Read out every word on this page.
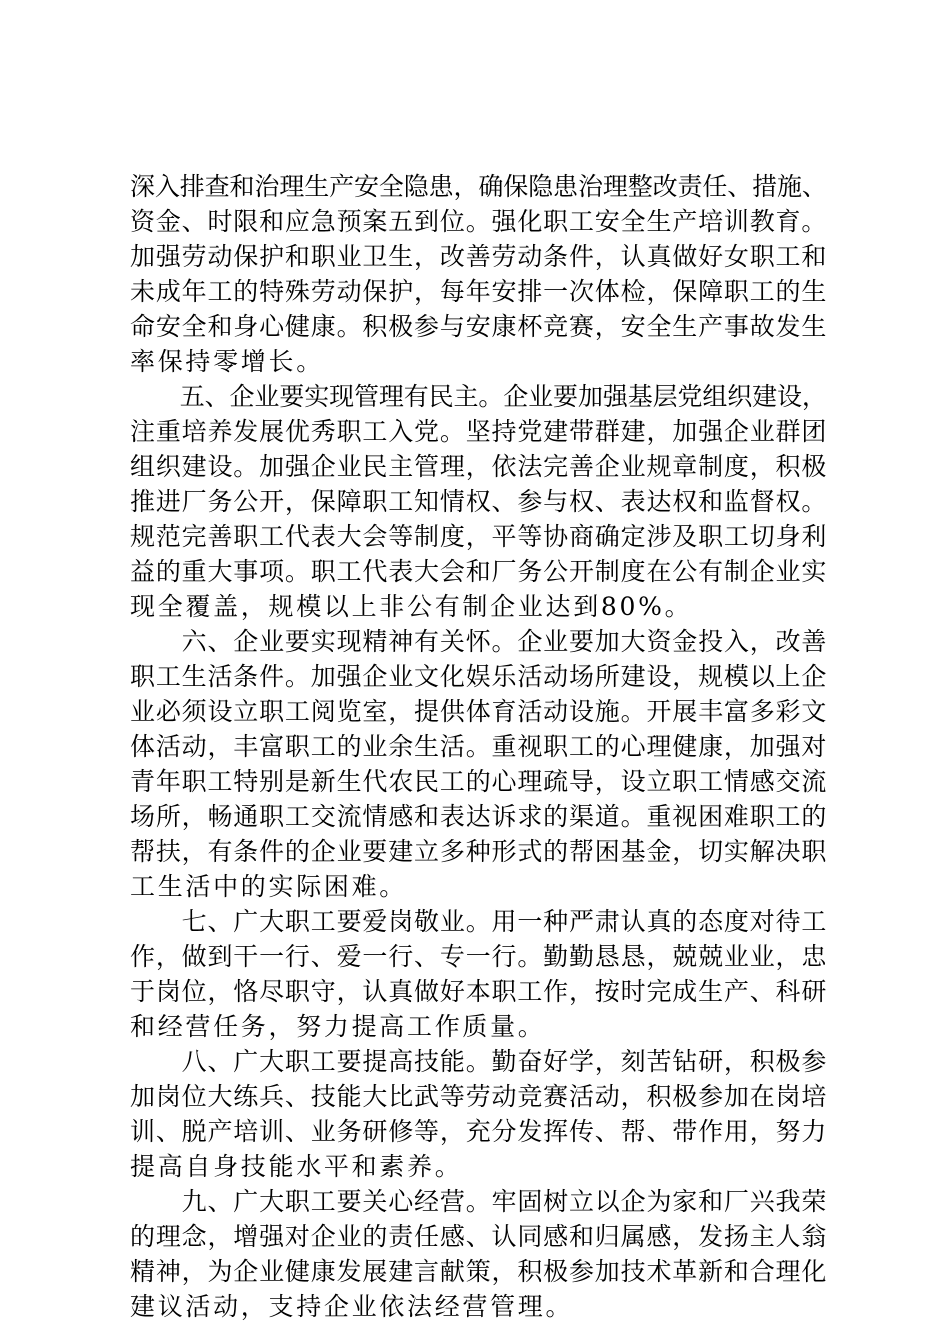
深入排查和治理生产安全隐患，确保隐患治理整改责任、措施、
资金、时限和应急预案五到位。强化职工安全生产培训教育。
加强劳动保护和职业卫生，改善劳动条件，认真做好女职工和
未成年工的特殊劳动保护，每年安排一次体检，保障职工的生
命安全和身心健康。积极参与安康杯竞赛，安全生产事故发生
率保持零增长。
　　五、企业要实现管理有民主。企业要加强基层党组织建设，
注重培养发展优秀职工入党。坚持党建带群建，加强企业群团
组织建设。加强企业民主管理，依法完善企业规章制度，积极
推进厂务公开，保障职工知情权、参与权、表达权和监督权。
规范完善职工代表大会等制度，平等协商确定涉及职工切身利
益的重大事项。职工代表大会和厂务公开制度在公有制企业实
现全覆盖，规模以上非公有制企业达到80%。
　　六、企业要实现精神有关怀。企业要加大资金投入，改善
职工生活条件。加强企业文化娱乐活动场所建设，规模以上企
业必须设立职工阅览室，提供体育活动设施。开展丰富多彩文
体活动，丰富职工的业余生活。重视职工的心理健康，加强对
青年职工特别是新生代农民工的心理疏导，设立职工情感交流
场所，畅通职工交流情感和表达诉求的渠道。重视困难职工的
帮扶，有条件的企业要建立多种形式的帮困基金，切实解决职
工生活中的实际困难。
　　七、广大职工要爱岗敬业。用一种严肃认真的态度对待工
作，做到干一行、爱一行、专一行。勤勤恳恳，兢兢业业，忠
于岗位，恪尽职守，认真做好本职工作，按时完成生产、科研
和经营任务，努力提高工作质量。
　　八、广大职工要提高技能。勤奋好学，刻苦钻研，积极参
加岗位大练兵、技能大比武等劳动竞赛活动，积极参加在岗培
训、脱产培训、业务研修等，充分发挥传、帮、带作用，努力
提高自身技能水平和素养。
　　九、广大职工要关心经营。牢固树立以企为家和厂兴我荣
的理念，增强对企业的责任感、认同感和归属感，发扬主人翁
精神，为企业健康发展建言献策，积极参加技术革新和合理化
建议活动，支持企业依法经营管理。
